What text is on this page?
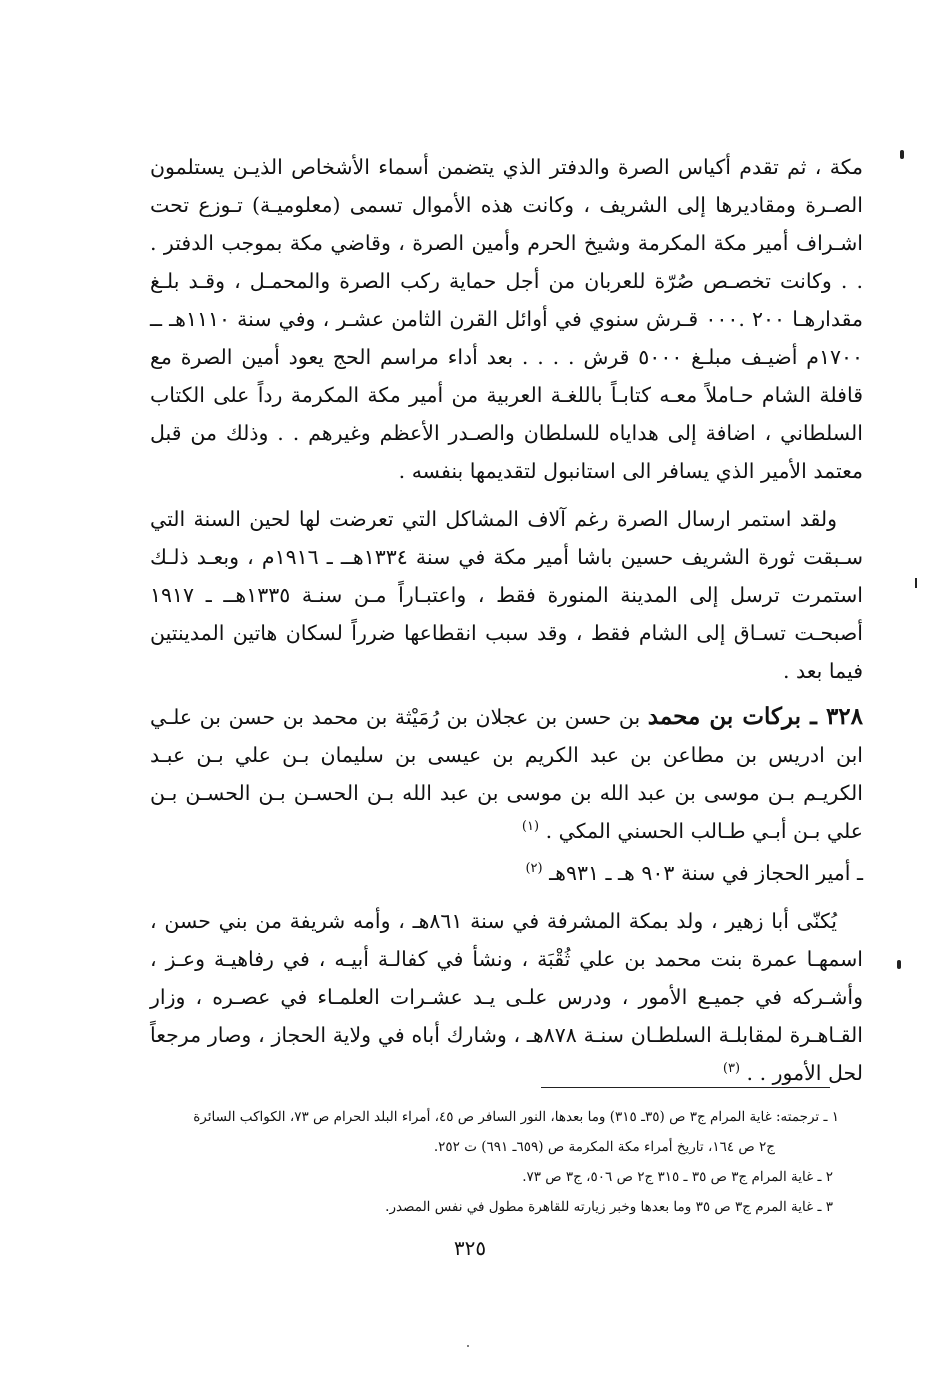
مكة ، ثم تقدم أكياس الصرة والدفتر الذي يتضمن أسماء الأشخاص الذيـن يستلمون الصـرة ومقاديرها إلى الشريف ، وكانت هذه الأموال تسمى (معلوميـة) تـوزع تحت اشـراف أمير مكة المكرمة وشيخ الحرم وأمين الصرة ، وقاضي مكة بموجب الدفتر . . . وكانت تخصـص صُرّة للعربان من أجل حماية ركب الصرة والمحمـل ، وقـد بلـغ مقدارهـا ٢٠٠ .٠٠٠ قـرش سنوي في أوائل القرن الثامن عشـر ، وفي سنة ١١١٠هـ ــ ١٧٠٠م أضيـف مبلـغ ٥٠٠٠ قرش . . . . بعد أداء مراسم الحج يعود أمين الصرة مع قافلة الشام حـاملاً معـه كتابـاً باللغـة العربية من أمير مكة المكرمة رداً على الكتاب السلطاني ، اضافة إلى هداياه للسلطان والصـدر الأعظم وغيرهم . . وذلك من قبل معتمد الأمير الذي يسافر الى استانبول لتقديمها بنفسه .

ولقد استمر ارسال الصرة رغم آلاف المشاكل التي تعرضت لها لحين السنة التي سـبقت ثورة الشريف حسين باشا أمير مكة في سنة ١٣٣٤هــ ـ ١٩١٦م ، وبعـد ذلـك استمرت ترسل إلى المدينة المنورة فقط ، واعتبـاراً مـن سنـة ١٣٣٥هــ ـ ١٩١٧ أصبحـت تسـاق إلى الشام فقط ، وقد سبب انقطاعها ضرراً لسكان هاتين المدينتين فيما بعد .

٣٢٨ ـ بركات بن محمد بن حسن بن عجلان بن رُمَيْثة بن محمد بن حسن بن علـي ابن ادريس بن مطاعن بن عبد الكريم بن عيسى بن سليمان بـن علي بـن عبـد الكريـم بـن موسى بن عبد الله بن موسى بن عبد الله بـن الحسـن بـن الحسـن بـن علي بـن أبـي طـالب الحسني المكي . $^{(١)}$

ـ أمير الحجاز في سنة ٩٠٣ هـ ـ ٩٣١هـ $^{(٢)}$

يُكنّى أبا زهير ، ولد بمكة المشرفة في سنة ٨٦١هـ ، وأمه شريفة من بني حسن ، اسمهـا عمرة بنت محمد بن علي ثُقْبَة ، ونشأ في كفالـة أبيـه ، في رفاهيـة وعـز ، وأشـركه في جميـع الأمور ، ودرس علـى يـد عشـرات العلمـاء في عصـره ، وزار القـاهـرة لمقابلـة السلطـان سنـة ٨٧٨هـ ، وشارك أباه في ولاية الحجاز ، وصار مرجعاً لحل الأمور . . $^{(٣)}$

١ ـ ترجمته: غاية المرام ج٣ ص (٣٥ـ ٣١٥) وما بعدها، النور السافر ص ٤٥، أمراء البلد الحرام ص ٧٣، الكواكب السائرة
ج٢ ص ١٦٤، تاريخ أمراء مكة المكرمة ص (٦٥٩ـ ٦٩١) ت ٢٥٢.
٢ ـ غاية المرام ج٣ ص ٣٥ ـ ٣١٥ ج٢ ص ٥٠٦، ج٣ ص ٧٣.
٣ ـ غاية المرم ج٣ ص ٣٥ وما بعدها وخبر زيارته للقاهرة مطول في نفس المصدر.
٣٢٥
